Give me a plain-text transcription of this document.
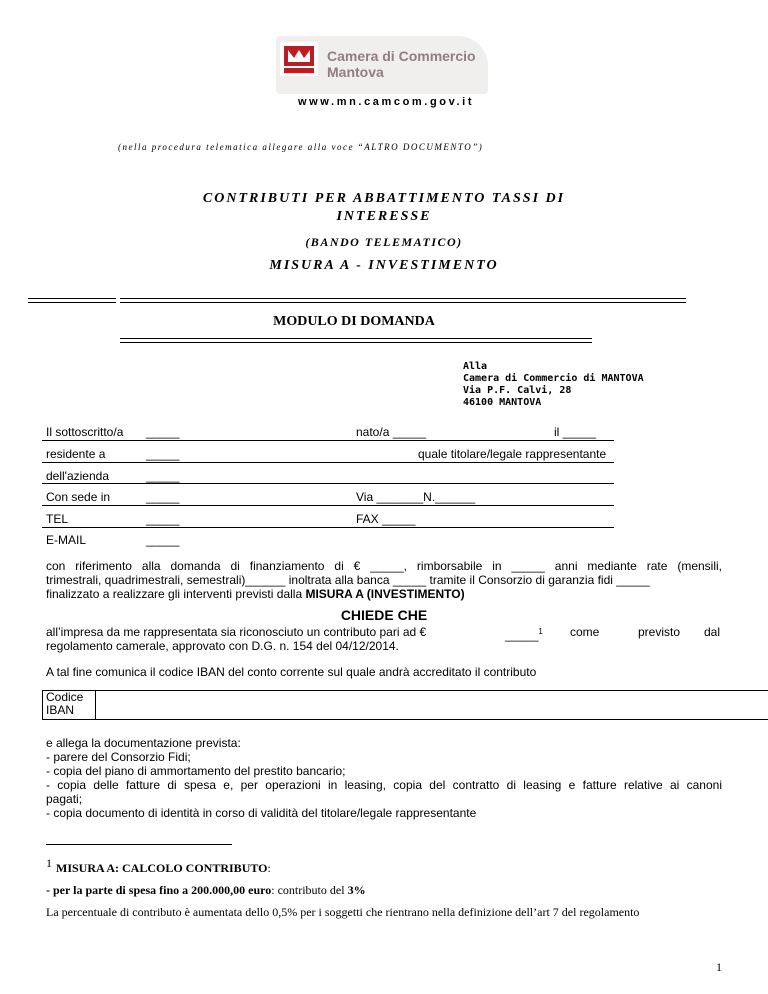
Camera di Commercio
Mantova
www.mn.camcom.gov.it
(nella procedura telematica allegare alla voce “ALTRO DOCUMENTO”)
CONTRIBUTI PER ABBATTIMENTO TASSI DI
INTERESSE
(BANDO TELEMATICO)
MISURA A - INVESTIMENTO
MODULO DI DOMANDA
Alla
Camera di Commercio di MANTOVA
Via P.F. Calvi, 28
46100 MANTOVA
Il sottoscritto/a _____	nato/a _____	il _____
residente a	_____	quale titolare/legale rappresentante
dell'azienda	_____
Con sede in	_____	Via _______N.______
TEL	_____	FAX _____
E-MAIL	_____
con riferimento alla domanda di finanziamento di € _____, rimborsabile in _____ anni mediante rate (mensili,
trimestrali, quadrimestrali, semestrali)______ inoltrata alla banca _____ tramite il Consorzio di garanzia fidi _____
finalizzato a realizzare gli interventi previsti dalla MISURA A (INVESTIMENTO)
CHIEDE CHE
all’impresa da me rappresentata sia riconosciuto un contributo pari ad €	_____$^1$ come	previsto dal
regolamento camerale, approvato con D.G. n. 154 del 04/12/2014.
A tal fine comunica il codice IBAN del conto corrente sul quale andrà accreditato il contributo
Codice
IBAN
e allega la documentazione prevista:
- parere del Consorzio Fidi;
- copia del piano di ammortamento del prestito bancario;
- copia delle fatture di spesa e, per operazioni in leasing, copia del contratto di leasing e fatture relative ai canoni
pagati;
- copia documento di identità in corso di validità del titolare/legale rappresentante
1 MISURA A: CALCOLO CONTRIBUTO:
- per la parte di spesa fino a 200.000,00 euro: contributo del 3%
La percentuale di contributo è aumentata dello 0,5% per i soggetti che rientrano nella definizione dell’art 7 del regolamento
1
